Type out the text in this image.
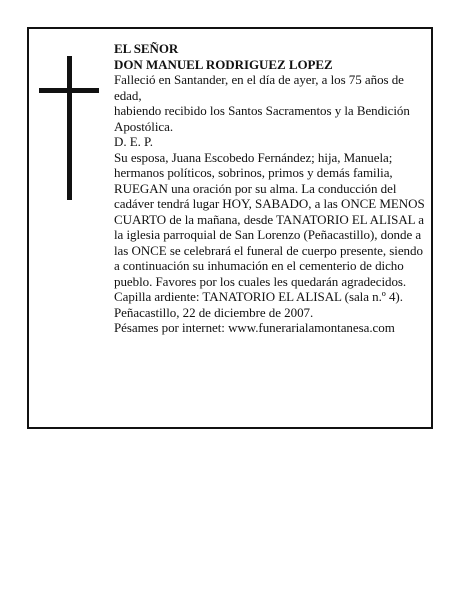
EL SEÑOR

DON MANUEL RODRIGUEZ LOPEZ

Falleció en Santander, en el día de ayer, a los 75 años de edad,

habiendo recibido los Santos Sacramentos y la Bendición Apostólica.

D. E. P.

Su esposa, Juana Escobedo Fernández; hija, Manuela; hermanos políticos, sobrinos, primos y demás familia, RUEGAN una oración por su alma. La conducción del cadáver tendrá lugar HOY, SABADO, a las ONCE MENOS CUARTO de la mañana, desde TANATORIO EL ALISAL a la iglesia parroquial de San Lorenzo (Peñacastillo), donde a las ONCE se celebrará el funeral de cuerpo presente, siendo a continuación su inhumación en el cementerio de dicho pueblo. Favores por los cuales les quedarán agradecidos. Capilla ardiente: TANATORIO EL ALISAL (sala n.º 4).

Peñacastillo, 22 de diciembre de 2007.

Pésames por internet: www.funerarialamontanesa.com
